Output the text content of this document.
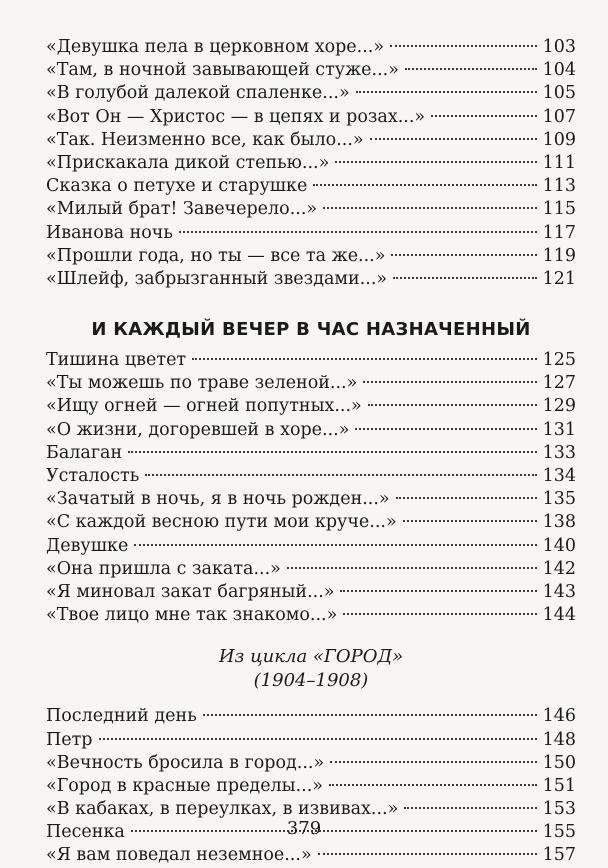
«Девушка пела в церковном хоре...»	103
«Там, в ночной завывающей стуже...»	104
«В голубой далекой спаленке...»	105
«Вот Он — Христос — в цепях и розах...»	107
«Так. Неизменно все, как было...»	109
«Прискакала дикой степью...»	111
Сказка о петухе и старушке	113
«Милый брат! Завечерело...»	115
Иванова ночь	117
«Прошли года, но ты — все та же...»	119
«Шлейф, забрызганный звездами...»	121
И КАЖДЫЙ ВЕЧЕР В ЧАС НАЗНАЧЕННЫЙ
Тишина цветет	125
«Ты можешь по траве зеленой...»	127
«Ищу огней — огней попутных...»	129
«О жизни, догоревшей в хоре...»	131
Балаган	133
Усталость	134
«Зачатый в ночь, я в ночь рожден...»	135
«С каждой весною пути мои круче...»	138
Девушке	140
«Она пришла с заката...»	142
«Я миновал закат багряный...»	143
«Твое лицо мне так знакомо...»	144
Из цикла «ГОРОД»
(1904–1908)
Последний день	146
Петр	148
«Вечность бросила в город...»	150
«Город в красные пределы...»	151
«В кабаках, в переулках, в извивах...»	153
Песенка	155
«Я вам поведал неземное...»	157
379
